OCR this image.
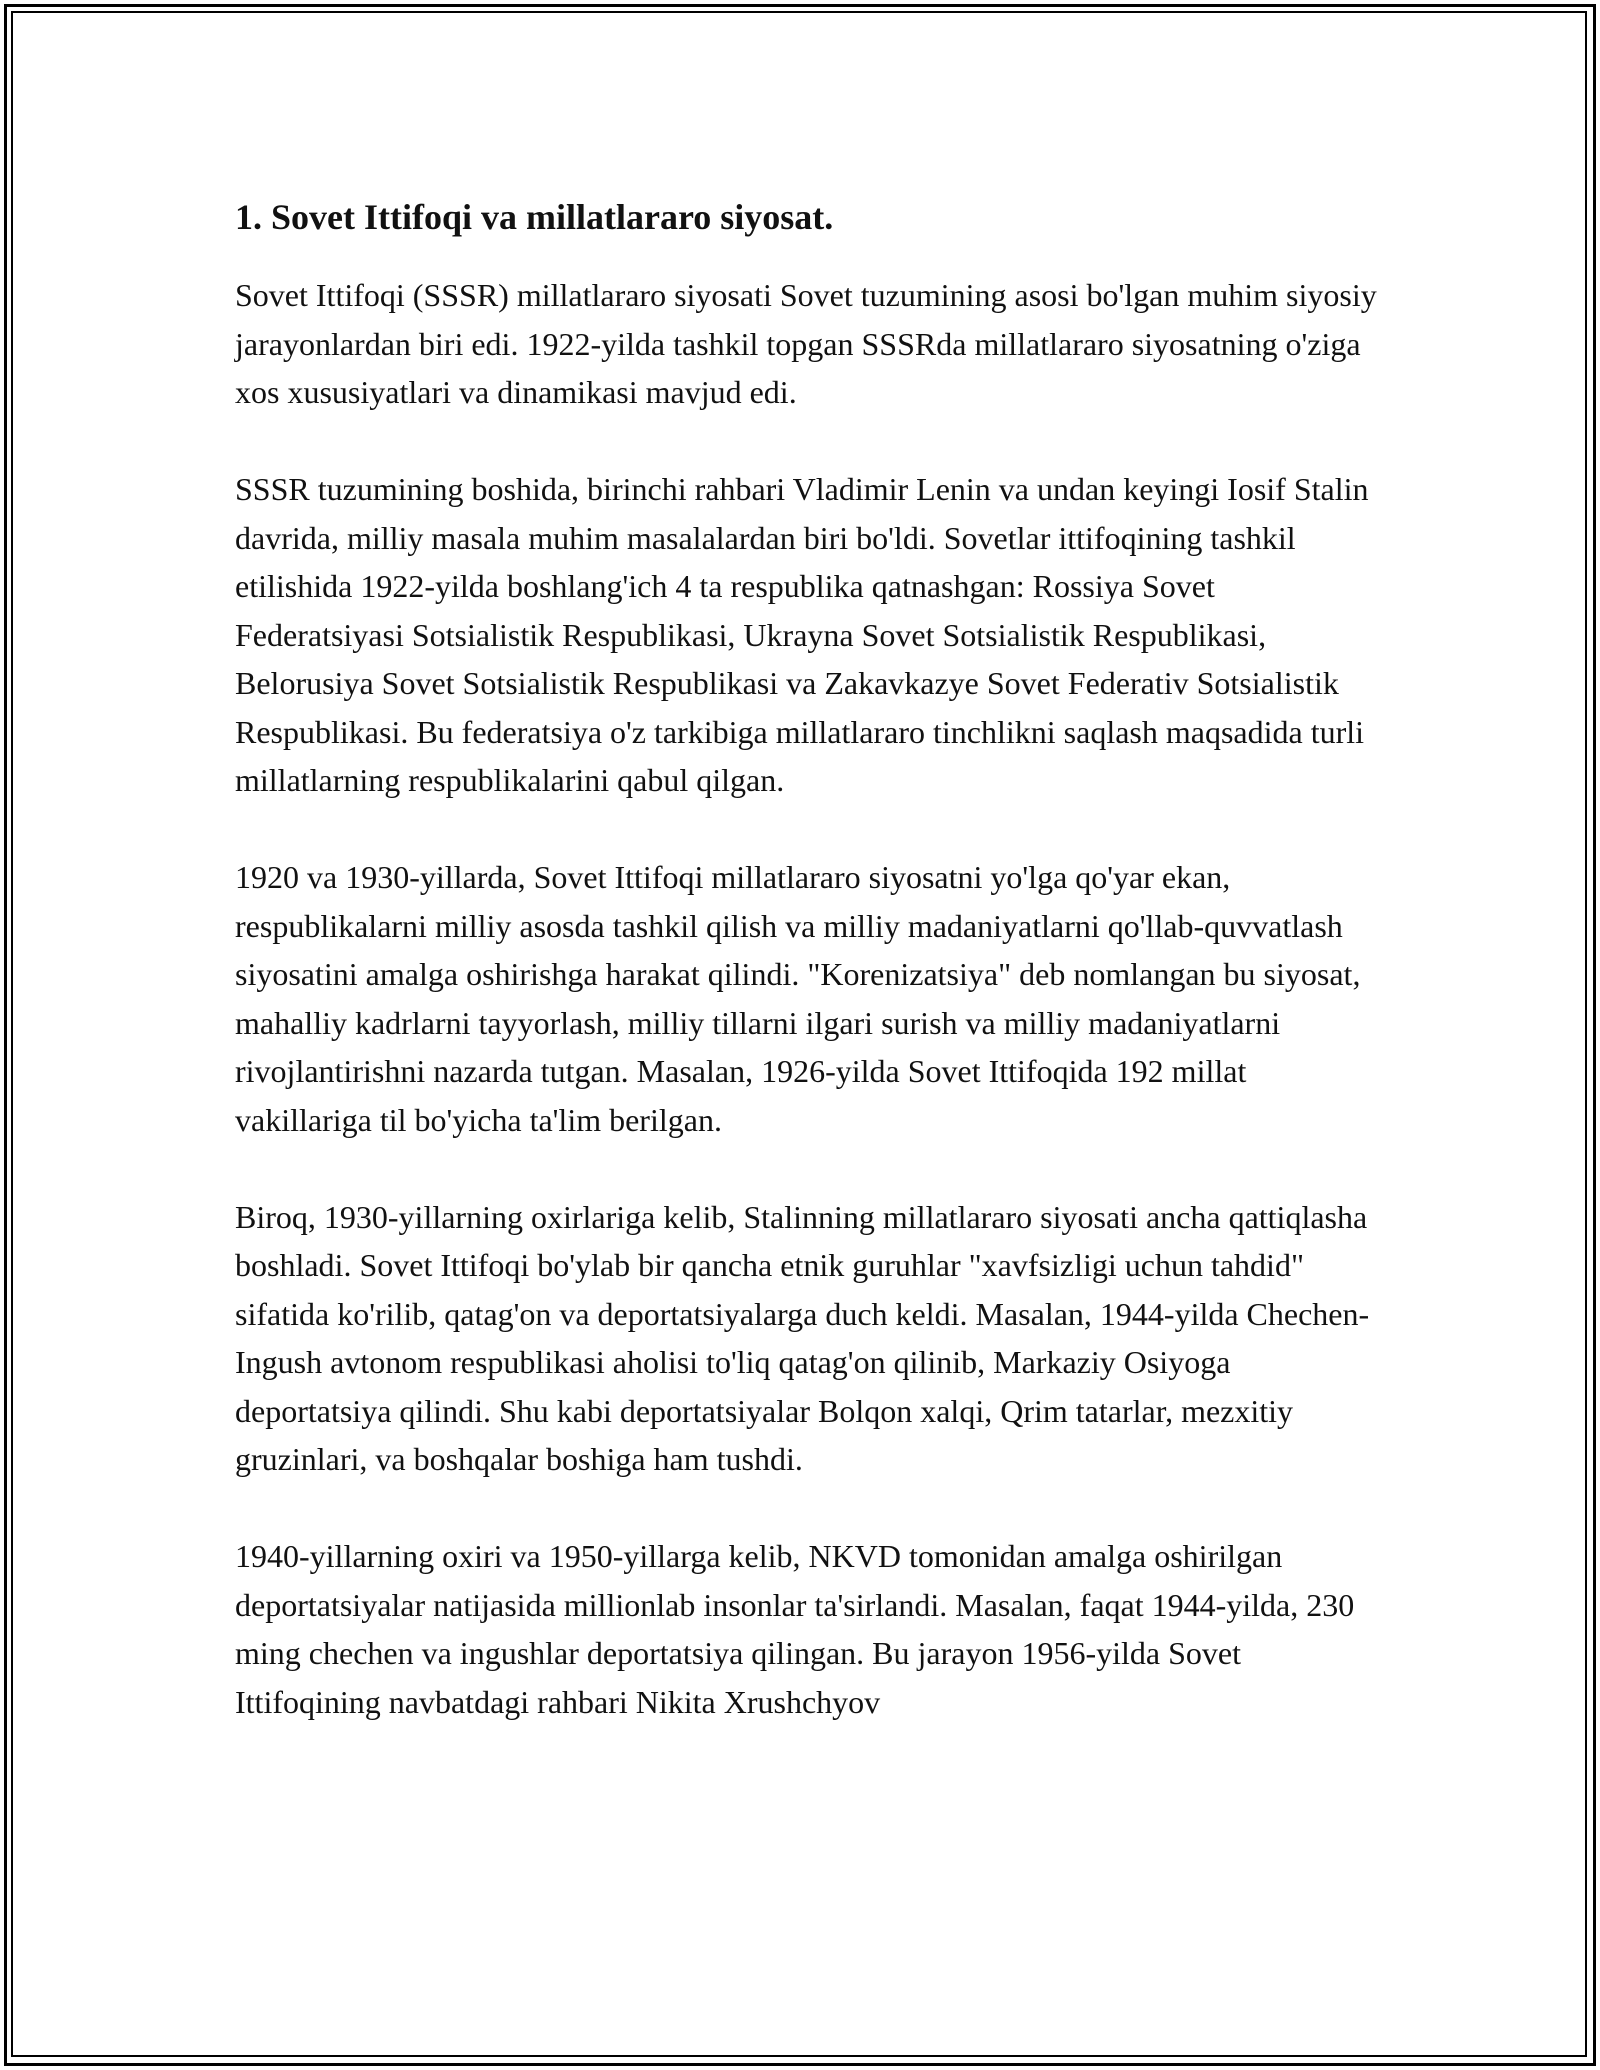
1. Sovet Ittifoqi va millatlararo siyosat.

Sovet Ittifoqi (SSSR) millatlararo siyosati Sovet tuzumining asosi bo'lgan muhim siyosiy jarayonlardan biri edi. 1922-yilda tashkil topgan SSSRda millatlararo siyosatning o'ziga xos xususiyatlari va dinamikasi mavjud edi.

SSSR tuzumining boshida, birinchi rahbari Vladimir Lenin va undan keyingi Iosif Stalin davrida, milliy masala muhim masalalardan biri bo'ldi. Sovetlar ittifoqining tashkil etilishida 1922-yilda boshlang'ich 4 ta respublika qatnashgan: Rossiya Sovet Federatsiyasi Sotsialistik Respublikasi, Ukrayna Sovet Sotsialistik Respublikasi, Belorusiya Sovet Sotsialistik Respublikasi va Zakavkazye Sovet Federativ Sotsialistik Respublikasi. Bu federatsiya o'z tarkibiga millatlararo tinchlikni saqlash maqsadida turli millatlarning respublikalarini qabul qilgan.

1920 va 1930-yillarda, Sovet Ittifoqi millatlararo siyosatni yo'lga qo'yar ekan, respublikalarni milliy asosda tashkil qilish va milliy madaniyatlarni qo'llab-quvvatlash siyosatini amalga oshirishga harakat qilindi. "Korenizatsiya" deb nomlangan bu siyosat, mahalliy kadrlarni tayyorlash, milliy tillarni ilgari surish va milliy madaniyatlarni rivojlantirishni nazarda tutgan. Masalan, 1926-yilda Sovet Ittifoqida 192 millat vakillariga til bo'yicha ta'lim berilgan.

Biroq, 1930-yillarning oxirlariga kelib, Stalinning millatlararo siyosati ancha qattiqlasha boshladi. Sovet Ittifoqi bo'ylab bir qancha etnik guruhlar "xavfsizligi uchun tahdid" sifatida ko'rilib, qatag'on va deportatsiyalarga duch keldi. Masalan, 1944-yilda Chechen-Ingush avtonom respublikasi aholisi to'liq qatag'on qilinib, Markaziy Osiyoga deportatsiya qilindi. Shu kabi deportatsiyalar Bolqon xalqi, Qrim tatarlar, mezxitiy gruzinlari, va boshqalar boshiga ham tushdi.

1940-yillarning oxiri va 1950-yillarga kelib, NKVD tomonidan amalga oshirilgan deportatsiyalar natijasida millionlab insonlar ta'sirlandi. Masalan, faqat 1944-yilda, 230 ming chechen va ingushlar deportatsiya qilingan. Bu jarayon 1956-yilda Sovet Ittifoqining navbatdagi rahbari Nikita Xrushchyov
